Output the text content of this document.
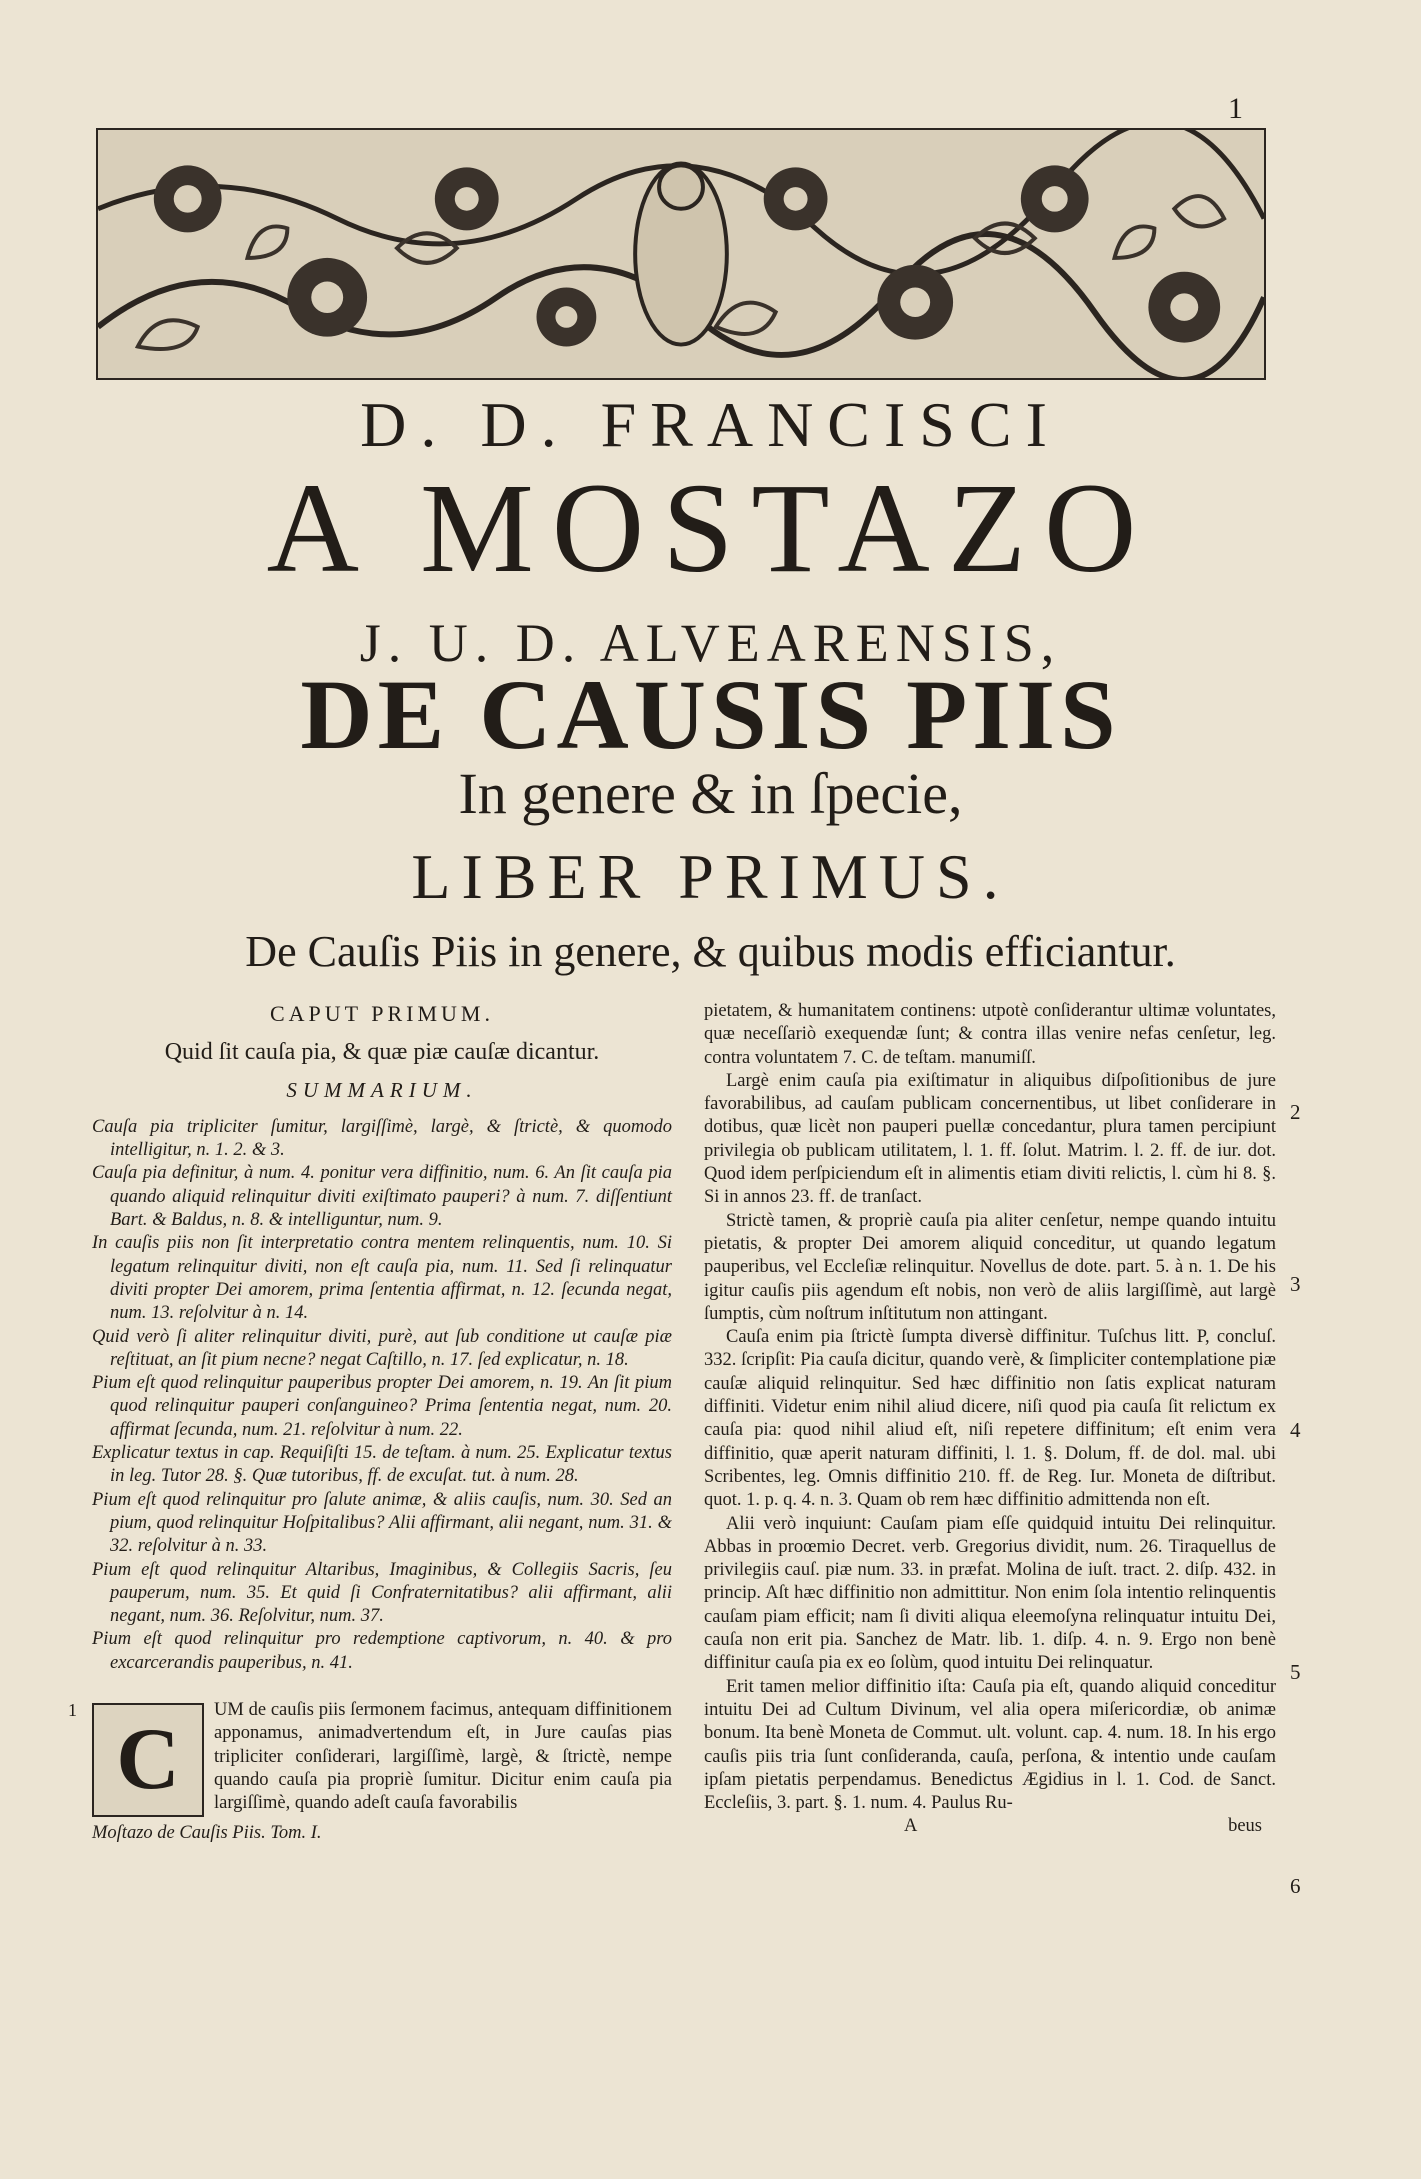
1
D. D. FRANCISCI
A MOSTAZO
J. U. D. ALVEARENSIS,
DE CAUSIS PIIS
In genere & in ſpecie,
LIBER PRIMUS.
De Cauſis Piis in genere, & quibus modis efficiantur.
CAPUT PRIMUM.
Quid ſit cauſa pia, & quæ piæ cauſæ dicantur.
SUMMARIUM.

Cauſa pia tripliciter ſumitur, largiſſimè, largè, & ſtrictè, & quomodo intelligitur, n. 1. 2. & 3.

Cauſa pia definitur, à num. 4. ponitur vera diffinitio, num. 6. An ſit cauſa pia quando aliquid relinquitur diviti exiſtimato pauperi? à num. 7. diſſentiunt Bart. & Baldus, n. 8. & intelliguntur, num. 9.

In cauſis piis non ſit interpretatio contra mentem relinquentis, num. 10. Si legatum relinquitur diviti, non eſt cauſa pia, num. 11. Sed ſi relinquatur diviti propter Dei amorem, prima ſententia affirmat, n. 12. ſecunda negat, num. 13. reſolvitur à n. 14.

Quid verò ſi aliter relinquitur diviti, purè, aut ſub conditione ut cauſæ piæ reſtituat, an ſit pium necne? negat Caſtillo, n. 17. ſed explicatur, n. 18.

Pium eſt quod relinquitur pauperibus propter Dei amorem, n. 19. An ſit pium quod relinquitur pauperi conſanguineo? Prima ſententia negat, num. 20. affirmat ſecunda, num. 21. reſolvitur à num. 22.

Explicatur textus in cap. Requiſiſti 15. de teſtam. à num. 25. Explicatur textus in leg. Tutor 28. §. Quæ tutoribus, ff. de excuſat. tut. à num. 28.

Pium eſt quod relinquitur pro ſalute animæ, & aliis cauſis, num. 30. Sed an pium, quod relinquitur Hoſpitalibus? Alii affirmant, alii negant, num. 31. & 32. reſolvitur à n. 33.

Pium eſt quod relinquitur Altaribus, Imaginibus, & Collegiis Sacris, ſeu pauperum, num. 35. Et quid ſi Confraternitatibus? alii affirmant, alii negant, num. 36. Reſolvitur, num. 37.

Pium eſt quod relinquitur pro redemptione captivorum, n. 40. & pro excarcerandis pauperibus, n. 41.

1
C

UM de cauſis piis ſermonem facimus, antequam diffinitionem apponamus, animadvertendum eſt, in Jure cauſas pias tripliciter conſiderari, largiſſimè, largè, & ſtrictè, nempe quando cauſa pia propriè ſumitur. Dicitur enim cauſa pia largiſſimè, quando adeſt cauſa favorabilis

Moſtazo de Cauſis Piis. Tom. I.

pietatem, & humanitatem continens: utpotè conſiderantur ultimæ voluntates, quæ neceſſariò exequendæ ſunt; & contra illas venire nefas cenſetur, leg. contra voluntatem 7. C. de teſtam. manumiſſ.

Largè enim cauſa pia exiſtimatur in aliquibus diſpoſitionibus de jure favorabilibus, ad cauſam publicam concernentibus, ut libet conſiderare in dotibus, quæ licèt non pauperi puellæ concedantur, plura tamen percipiunt privilegia ob publicam utilitatem, l. 1. ff. ſolut. Matrim. l. 2. ff. de iur. dot. Quod idem perſpiciendum eſt in alimentis etiam diviti relictis, l. cùm hi 8. §. Si in annos 23. ff. de tranſact.

Strictè tamen, & propriè cauſa pia aliter cenſetur, nempe quando intuitu pietatis, & propter Dei amorem aliquid conceditur, ut quando legatum pauperibus, vel Eccleſiæ relinquitur. Novellus de dote. part. 5. à n. 1. De his igitur cauſis piis agendum eſt nobis, non verò de aliis largiſſimè, aut largè ſumptis, cùm noſtrum inſtitutum non attingant.

Cauſa enim pia ſtrictè ſumpta diversè diffinitur. Tuſchus litt. P, concluſ. 332. ſcripſit: Pia cauſa dicitur, quando verè, & ſimpliciter contemplatione piæ cauſæ aliquid relinquitur. Sed hæc diffinitio non ſatis explicat naturam diffiniti. Videtur enim nihil aliud dicere, niſi quod pia cauſa ſit relictum ex cauſa pia: quod nihil aliud eſt, niſi repetere diffinitum; eſt enim vera diffinitio, quæ aperit naturam diffiniti, l. 1. §. Dolum, ff. de dol. mal. ubi Scribentes, leg. Omnis diffinitio 210. ff. de Reg. Iur. Moneta de diſtribut. quot. 1. p. q. 4. n. 3. Quam ob rem hæc diffinitio admittenda non eſt.

Alii verò inquiunt: Cauſam piam eſſe quidquid intuitu Dei relinquitur. Abbas in proœmio Decret. verb. Gregorius dividit, num. 26. Tiraquellus de privilegiis cauſ. piæ num. 33. in præfat. Molina de iuſt. tract. 2. diſp. 432. in princip. Aſt hæc diffinitio non admittitur. Non enim ſola intentio relinquentis cauſam piam efficit; nam ſi diviti aliqua eleemoſyna relinquatur intuitu Dei, cauſa non erit pia. Sanchez de Matr. lib. 1. diſp. 4. n. 9. Ergo non benè diffinitur cauſa pia ex eo ſolùm, quod intuitu Dei relinquatur.

Erit tamen melior diffinitio iſta: Cauſa pia eſt, quando aliquid conceditur intuitu Dei ad Cultum Divinum, vel alia opera miſericordiæ, ob animæ bonum. Ita benè Moneta de Commut. ult. volunt. cap. 4. num. 18. In his ergo cauſis piis tria ſunt conſideranda, cauſa, perſona, & intentio unde cauſam ipſam pietatis perpendamus. Benedictus Ægidius in l. 1. Cod. de Sanct. Eccleſiis, 3. part. §. 1. num. 4. Paulus Ru-

A	beus
2
3
4
5
6
